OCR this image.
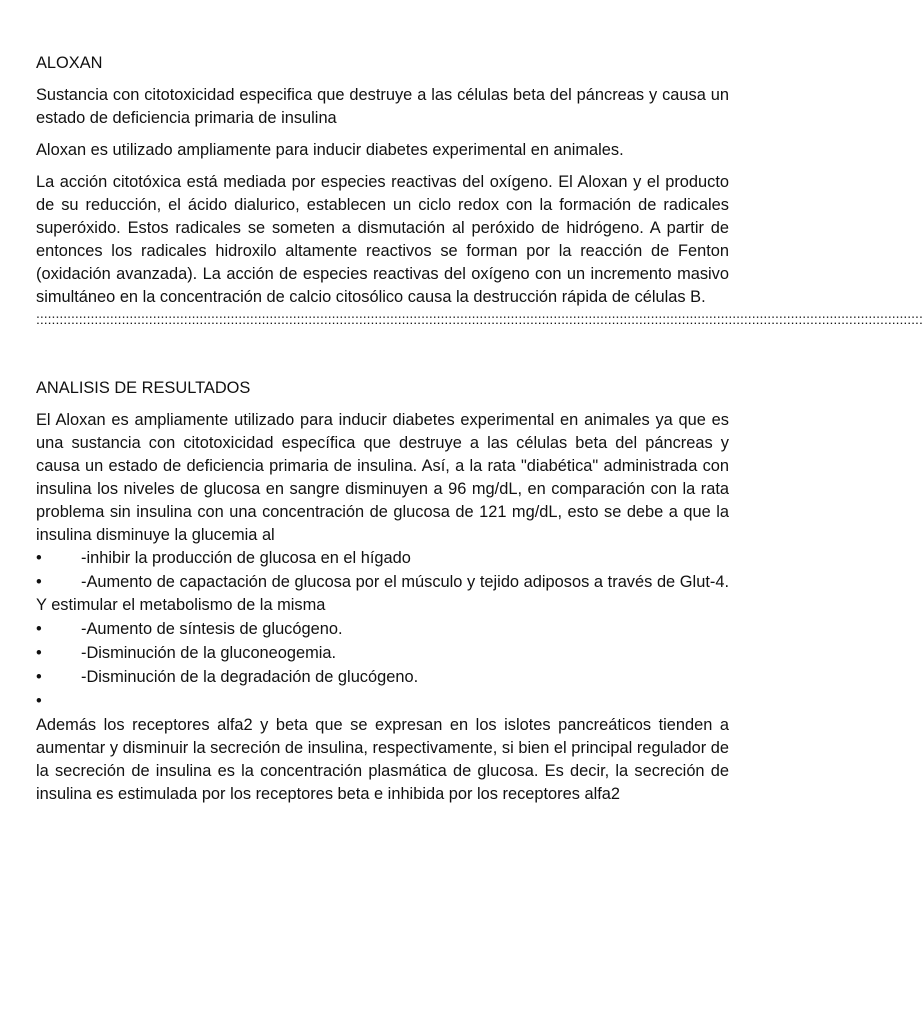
ALOXAN

Sustancia con citotoxicidad especifica que destruye a las células beta del páncreas y causa un estado de deficiencia primaria de insulina

Aloxan es utilizado ampliamente para inducir diabetes experimental en animales.

La acción citotóxica está mediada por especies reactivas del oxígeno. El Aloxan y el producto de su reducción, el ácido dialurico, establecen un ciclo redox con la formación de radicales superóxido. Estos radicales se someten a dismutación al peróxido de hidrógeno. A partir de entonces los radicales hidroxilo altamente reactivos se forman por la reacción de Fenton (oxidación avanzada). La acción de especies reactivas del oxígeno con un incremento masivo simultáneo en la concentración de calcio citosólico causa la destrucción rápida de células B.

::::::::::::::::::::::::::::::::::::::::::::::::::::::::::::::::::::::::::::::::::::::::::::::::::::::::::::::::::::::::::::::::::::::::::::::::::::::::::::::::::::::::::::::::::::::::::::::::::::::::::::::::::::::::::::::::::::

ANALISIS DE RESULTADOS

El Aloxan es ampliamente utilizado para inducir diabetes experimental en animales ya que es una sustancia con citotoxicidad específica que destruye a las células beta del páncreas y causa un estado de deficiencia primaria de insulina. Así, a la rata "diabética" administrada con insulina los niveles de glucosa en sangre disminuyen a 96 mg/dL, en comparación con la rata problema sin insulina con una concentración de glucosa de 121 mg/dL, esto se debe a que la insulina disminuye la glucemia al

• -inhibir la producción de glucosa en el hígado
• -Aumento de capactación de glucosa por el músculo y tejido adiposos a través de Glut-4. Y estimular el metabolismo de la misma
• -Aumento de síntesis de glucógeno.
• -Disminución de la gluconeogemia.
• -Disminución de la degradación de glucógeno.
•

Además los receptores alfa2 y beta que se expresan en los islotes pancreáticos tienden a aumentar y disminuir la secreción de insulina, respectivamente, si bien el principal regulador de la secreción de insulina es la concentración plasmática de glucosa. Es decir, la secreción de insulina es estimulada por los receptores beta e inhibida por los receptores alfa2
